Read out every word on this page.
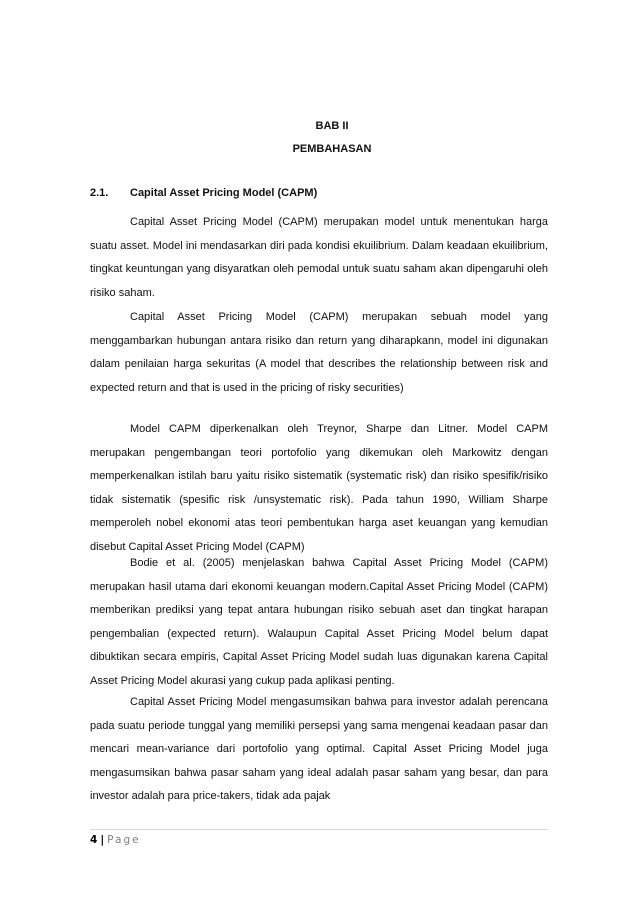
BAB II
PEMBAHASAN
2.1. Capital Asset Pricing Model (CAPM)

Capital Asset Pricing Model (CAPM) merupakan model untuk menentukan harga suatu asset. Model ini mendasarkan diri pada kondisi ekuilibrium. Dalam keadaan ekuilibrium, tingkat keuntungan yang disyaratkan oleh pemodal untuk suatu saham akan dipengaruhi oleh risiko saham.

Capital Asset Pricing Model (CAPM) merupakan sebuah model yang menggambarkan hubungan antara risiko dan return yang diharapkann, model ini digunakan dalam penilaian harga sekuritas (A model that describes the relationship between risk and expected return and that is used in the pricing of risky securities)

Model CAPM diperkenalkan oleh Treynor, Sharpe dan Litner. Model CAPM merupakan pengembangan teori portofolio yang dikemukan oleh Markowitz dengan memperkenalkan istilah baru yaitu risiko sistematik (systematic risk) dan risiko spesifik/risiko tidak sistematik (spesific risk /unsystematic risk). Pada tahun 1990, William Sharpe memperoleh nobel ekonomi atas teori pembentukan harga aset keuangan yang kemudian disebut Capital Asset Pricing Model (CAPM)

Bodie et al. (2005) menjelaskan bahwa Capital Asset Pricing Model (CAPM) merupakan hasil utama dari ekonomi keuangan modern.Capital Asset Pricing Model (CAPM) memberikan prediksi yang tepat antara hubungan risiko sebuah aset dan tingkat harapan pengembalian (expected return). Walaupun Capital Asset Pricing Model belum dapat dibuktikan secara empiris, Capital Asset Pricing Model sudah luas digunakan karena Capital Asset Pricing Model akurasi yang cukup pada aplikasi penting.

Capital Asset Pricing Model mengasumsikan bahwa para investor adalah perencana pada suatu periode tunggal yang memiliki persepsi yang sama mengenai keadaan pasar dan mencari mean-variance dari portofolio yang optimal. Capital Asset Pricing Model juga mengasumsikan bahwa pasar saham yang ideal adalah pasar saham yang besar, dan para investor adalah para price-takers, tidak ada pajak

4 | Page
